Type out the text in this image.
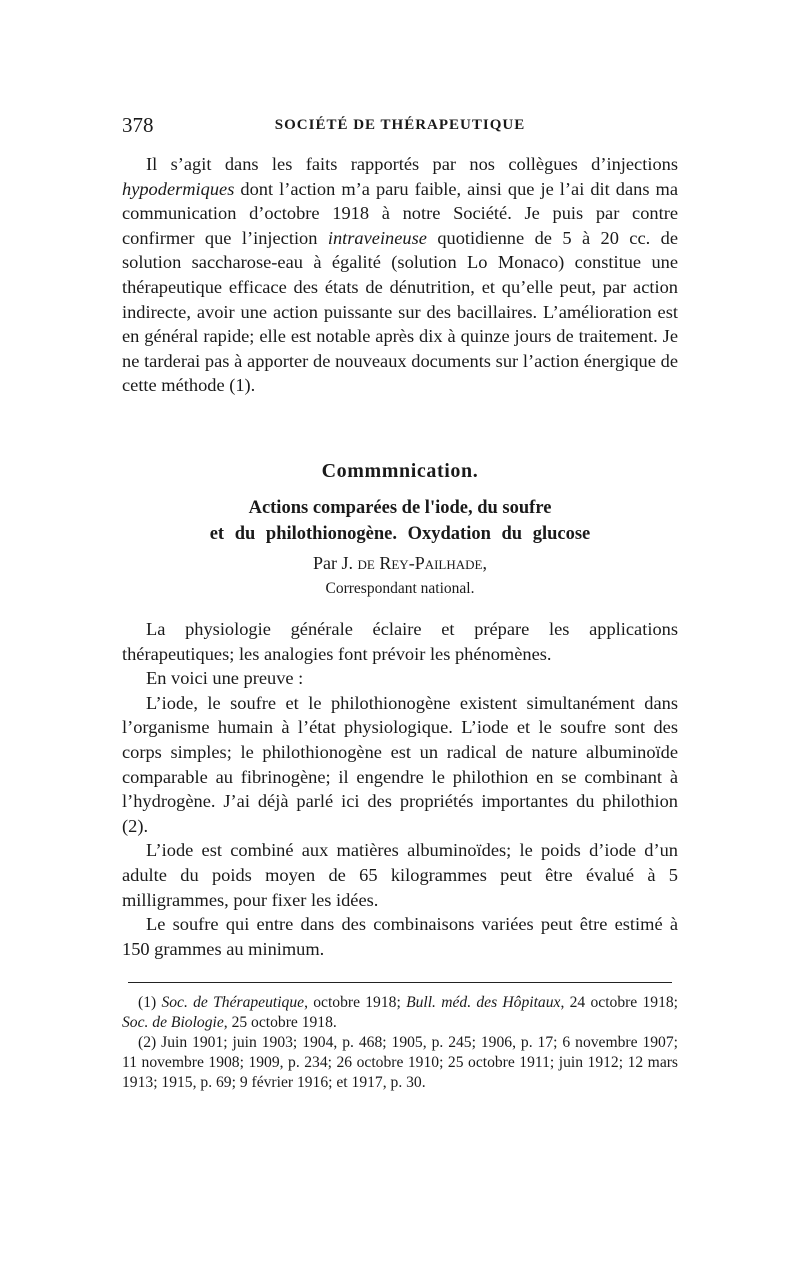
378	SOCIÉTÉ DE THÉRAPEUTIQUE

Il s’agit dans les faits rapportés par nos collègues d’injections hypodermiques dont l’action m’a paru faible, ainsi que je l’ai dit dans ma communication d’octobre 1918 à notre Société. Je puis par contre confirmer que l’injection intraveineuse quotidienne de 5 à 20 cc. de solution saccharose-eau à égalité (solution Lo Monaco) constitue une thérapeutique efficace des états de dénutrition, et qu’elle peut, par action indirecte, avoir une action puissante sur des bacillaires. L’amélioration est en général rapide; elle est notable après dix à quinze jours de traitement. Je ne tarderai pas à apporter de nouveaux documents sur l’action énergique de cette méthode (1).

Commmnication.
Actions comparées de l'iode, du soufre
et du philothionogène. Oxydation du glucose
Par J. de Rey-Pailhade,
Correspondant national.

La physiologie générale éclaire et prépare les applications thérapeutiques; les analogies font prévoir les phénomènes.

En voici une preuve :

L’iode, le soufre et le philothionogène existent simultanément dans l’organisme humain à l’état physiologique. L’iode et le soufre sont des corps simples; le philothionogène est un radical de nature albuminoïde comparable au fibrinogène; il engendre le philothion en se combinant à l’hydrogène. J’ai déjà parlé ici des propriétés importantes du philothion (2).

L’iode est combiné aux matières albuminoïdes; le poids d’iode d’un adulte du poids moyen de 65 kilogrammes peut être évalué à 5 milligrammes, pour fixer les idées.

Le soufre qui entre dans des combinaisons variées peut être estimé à 150 grammes au minimum.

(1) Soc. de Thérapeutique, octobre 1918; Bull. méd. des Hôpitaux, 24 octobre 1918; Soc. de Biologie, 25 octobre 1918.

(2) Juin 1901; juin 1903; 1904, p. 468; 1905, p. 245; 1906, p. 17; 6 novembre 1907; 11 novembre 1908; 1909, p. 234; 26 octobre 1910; 25 octobre 1911; juin 1912; 12 mars 1913; 1915, p. 69; 9 février 1916; et 1917, p. 30.
